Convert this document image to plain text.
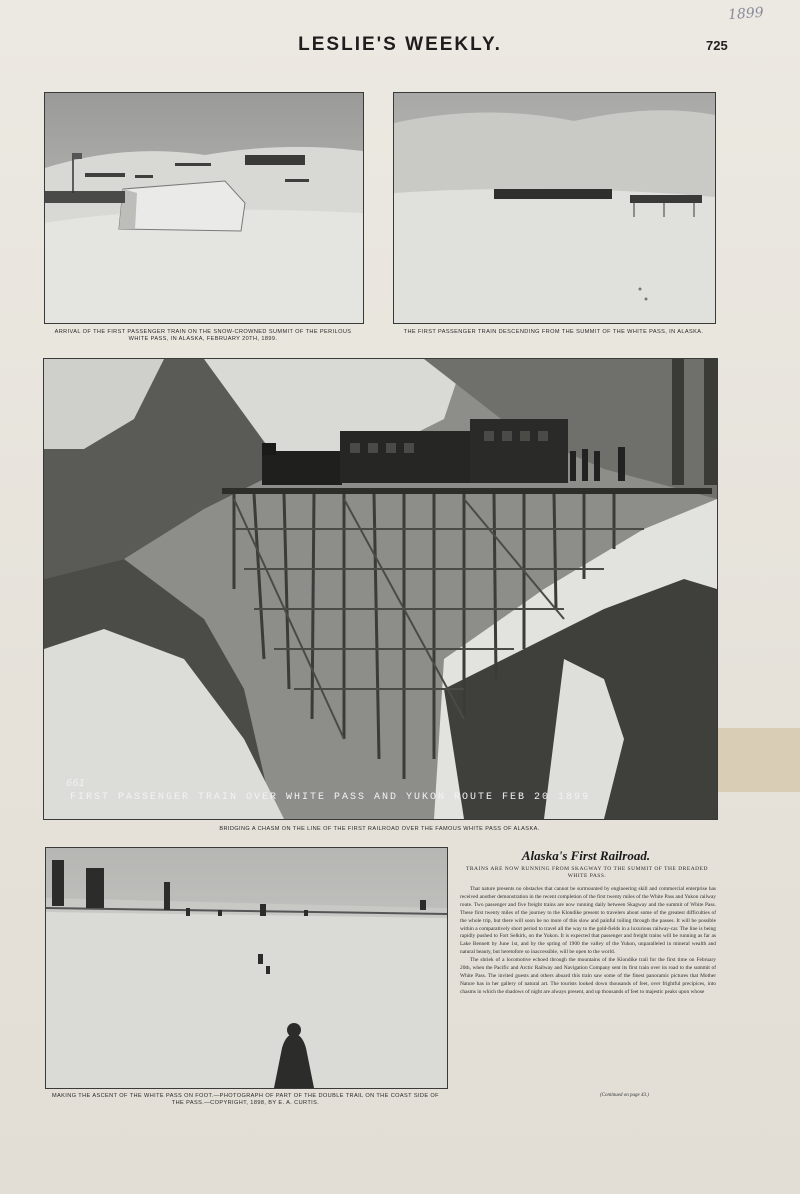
1899
LESLIE'S WEEKLY.	725
ARRIVAL OF THE FIRST PASSENGER TRAIN ON THE SNOW-CROWNED SUMMIT OF THE PERILOUS WHITE PASS, IN ALASKA, FEBRUARY 20TH, 1899.
THE FIRST PASSENGER TRAIN DESCENDING FROM THE SUMMIT OF THE WHITE PASS, IN ALASKA.
661
FIRST PASSENGER TRAIN OVER WHITE PASS AND YUKON ROUTE FEB 20 1899
BRIDGING A CHASM ON THE LINE OF THE FIRST RAILROAD OVER THE FAMOUS WHITE PASS OF ALASKA.
MAKING THE ASCENT OF THE WHITE PASS ON FOOT.—PHOTOGRAPH OF PART OF THE DOUBLE TRAIL ON THE COAST SIDE OF THE PASS.—COPYRIGHT, 1898, BY E. A. CURTIS.
Alaska's First Railroad.
TRAINS ARE NOW RUNNING FROM SKAGWAY TO THE SUMMIT OF THE DREADED WHITE PASS.

That nature presents no obstacles that cannot be surmounted by engineering skill and commercial enterprise has received another demonstration in the recent completion of the first twenty miles of the White Pass and Yukon railway route. Two passenger and five freight trains are now running daily between Skagway and the summit of White Pass. These first twenty miles of the journey to the Klondike present to travelers about some of the greatest difficulties of the whole trip, but there will soon be no more of this slow and painful toiling through the passes. It will be possible within a comparatively short period to travel all the way to the gold-fields in a luxurious railway-car. The line is being rapidly pushed to Fort Selkirk, on the Yukon. It is expected that passenger and freight trains will be running as far as Lake Bennett by June 1st, and by the spring of 1900 the valley of the Yukon, unparalleled in mineral wealth and natural beauty, but heretofore so inaccessible, will be open to the world.

The shriek of a locomotive echoed through the mountains of the Klondike trail for the first time on February 20th, when the Pacific and Arctic Railway and Navigation Company sent its first train over its road to the summit of White Pass. The invited guests and others aboard this train saw some of the finest panoramic pictures that Mother Nature has in her gallery of natural art. The tourists looked down thousands of feet, over frightful precipices, into chasms in which the shadows of night are always present, and up thousands of feet to majestic peaks upon whose

(Continued on page 43.)
